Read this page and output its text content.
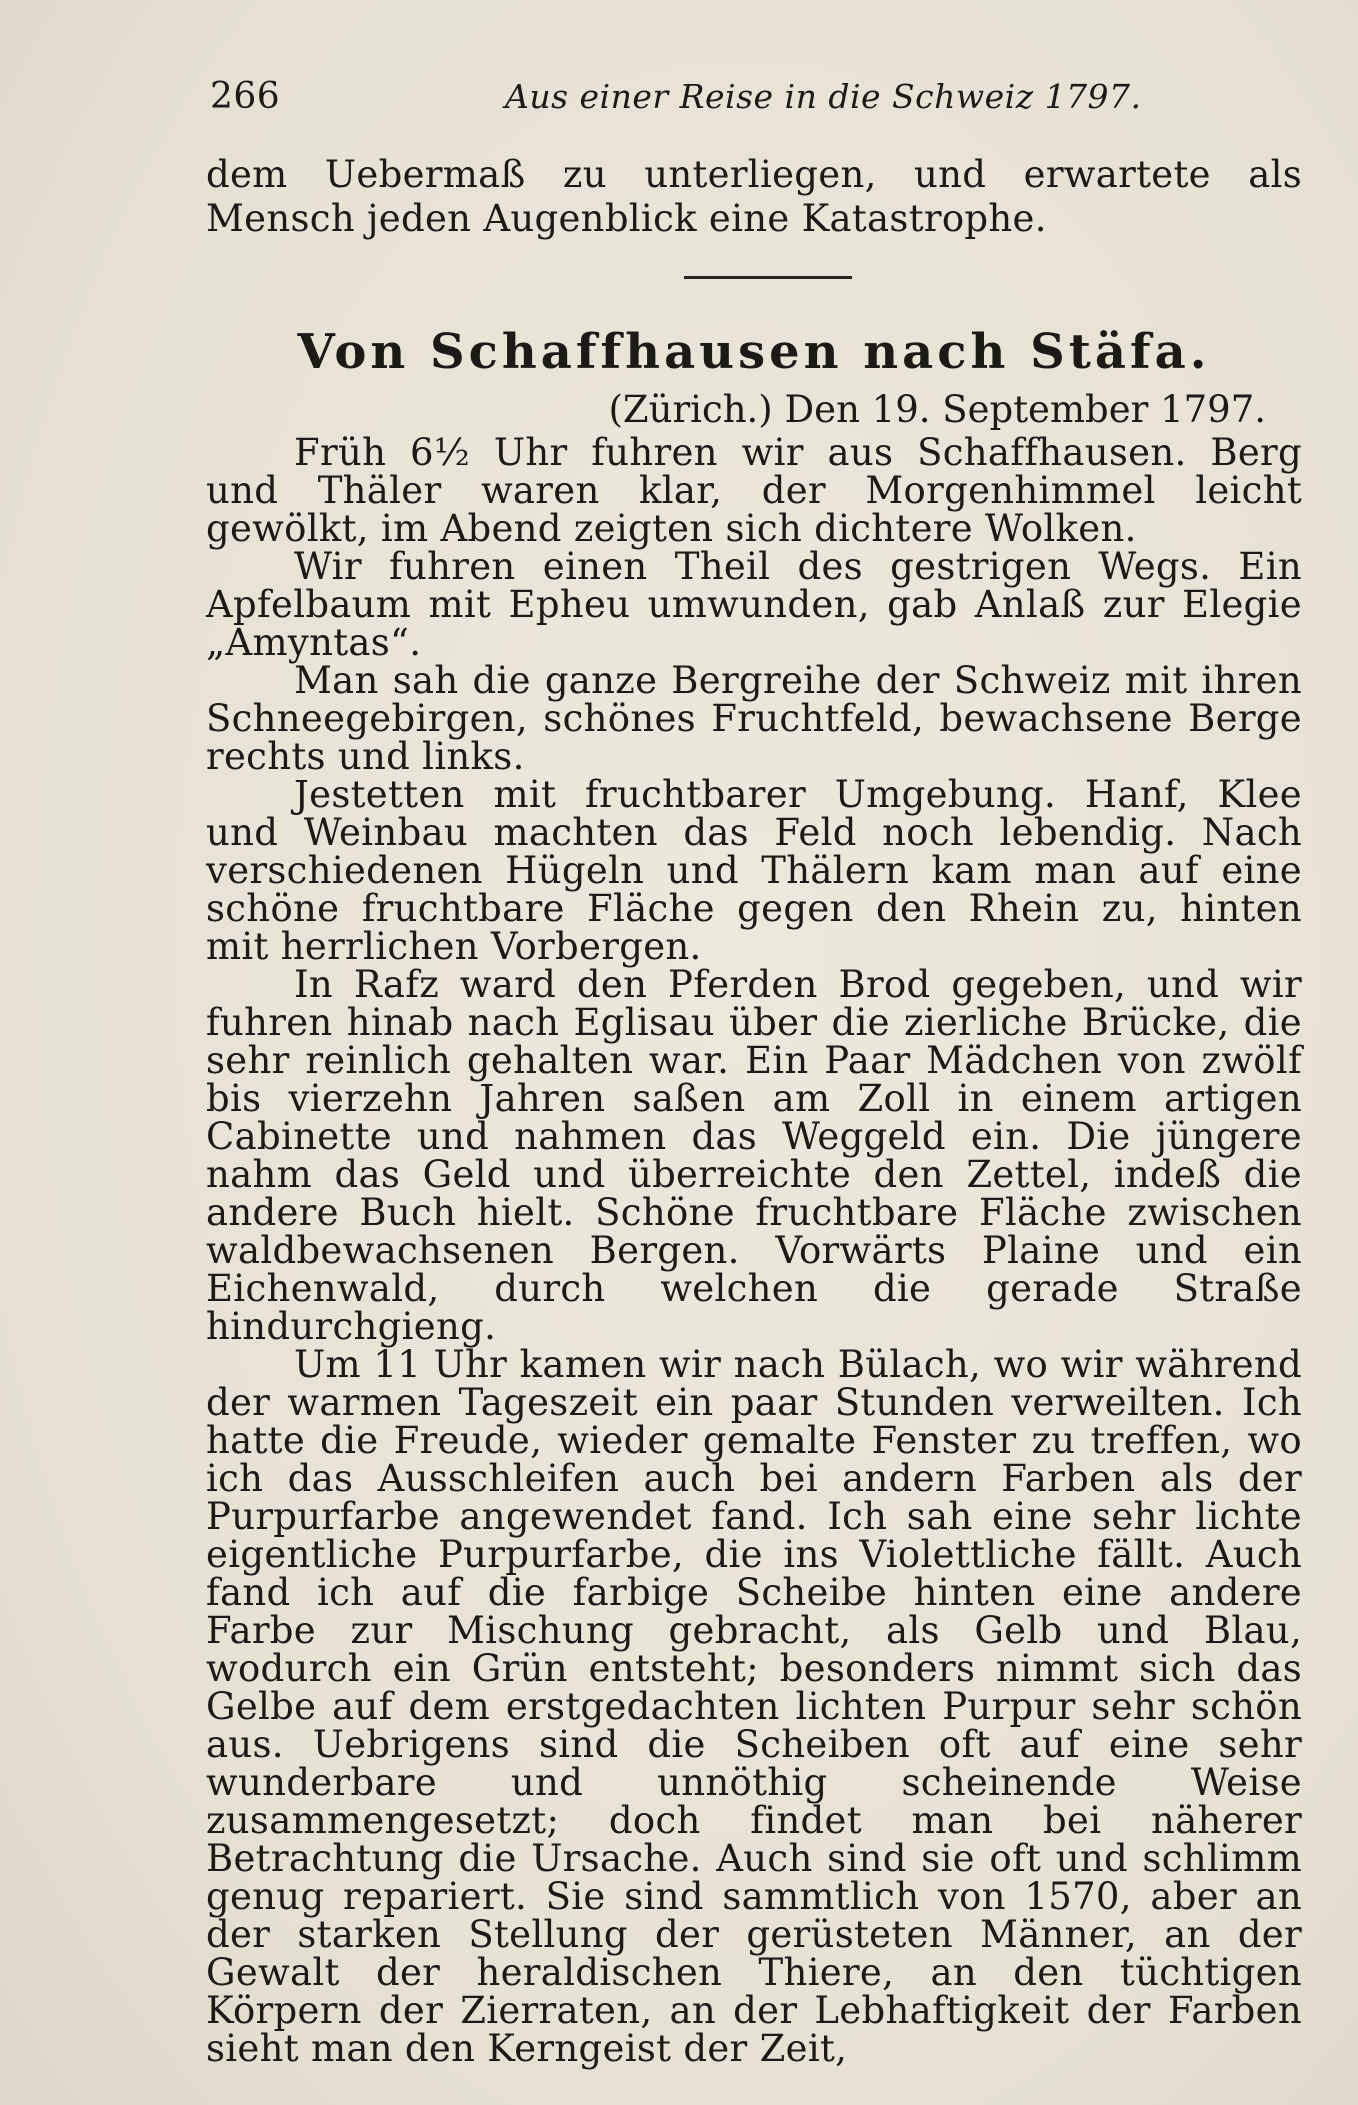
266	Aus einer Reise in die Schweiz 1797.

dem Uebermaß zu unterliegen, und erwartete als Mensch jeden Augenblick eine Katastrophe.

Von Schaffhausen nach Stäfa.
(Zürich.) Den 19. September 1797.

Früh 6½ Uhr fuhren wir aus Schaffhausen. Berg und Thäler waren klar, der Morgenhimmel leicht gewölkt, im Abend zeigten sich dichtere Wolken.

Wir fuhren einen Theil des gestrigen Wegs. Ein Apfelbaum mit Epheu umwunden, gab Anlaß zur Elegie „Amyntas“.

Man sah die ganze Bergreihe der Schweiz mit ihren Schneegebirgen, schönes Fruchtfeld, bewachsene Berge rechts und links.

Jestetten mit fruchtbarer Umgebung. Hanf, Klee und Weinbau machten das Feld noch lebendig. Nach verschiedenen Hügeln und Thälern kam man auf eine schöne fruchtbare Fläche gegen den Rhein zu, hinten mit herrlichen Vorbergen.

In Rafz ward den Pferden Brod gegeben, und wir fuhren hinab nach Eglisau über die zierliche Brücke, die sehr reinlich gehalten war. Ein Paar Mädchen von zwölf bis vierzehn Jahren saßen am Zoll in einem artigen Cabinette und nahmen das Weggeld ein. Die jüngere nahm das Geld und überreichte den Zettel, indeß die andere Buch hielt. Schöne fruchtbare Fläche zwischen waldbewachsenen Bergen. Vorwärts Plaine und ein Eichenwald, durch welchen die gerade Straße hindurchgieng.

Um 11 Uhr kamen wir nach Bülach, wo wir während der warmen Tageszeit ein paar Stunden verweilten. Ich hatte die Freude, wieder gemalte Fenster zu treffen, wo ich das Ausschleifen auch bei andern Farben als der Purpurfarbe angewendet fand. Ich sah eine sehr lichte eigentliche Purpurfarbe, die ins Violettliche fällt. Auch fand ich auf die farbige Scheibe hinten eine andere Farbe zur Mischung gebracht, als Gelb und Blau, wodurch ein Grün entsteht; besonders nimmt sich das Gelbe auf dem erstgedachten lichten Purpur sehr schön aus. Uebrigens sind die Scheiben oft auf eine sehr wunderbare und unnöthig scheinende Weise zusammengesetzt; doch findet man bei näherer Betrachtung die Ursache. Auch sind sie oft und schlimm genug repariert. Sie sind sammtlich von 1570, aber an der starken Stellung der gerüsteten Männer, an der Gewalt der heraldischen Thiere, an den tüchtigen Körpern der Zierraten, an der Lebhaftigkeit der Farben sieht man den Kerngeist der Zeit,
